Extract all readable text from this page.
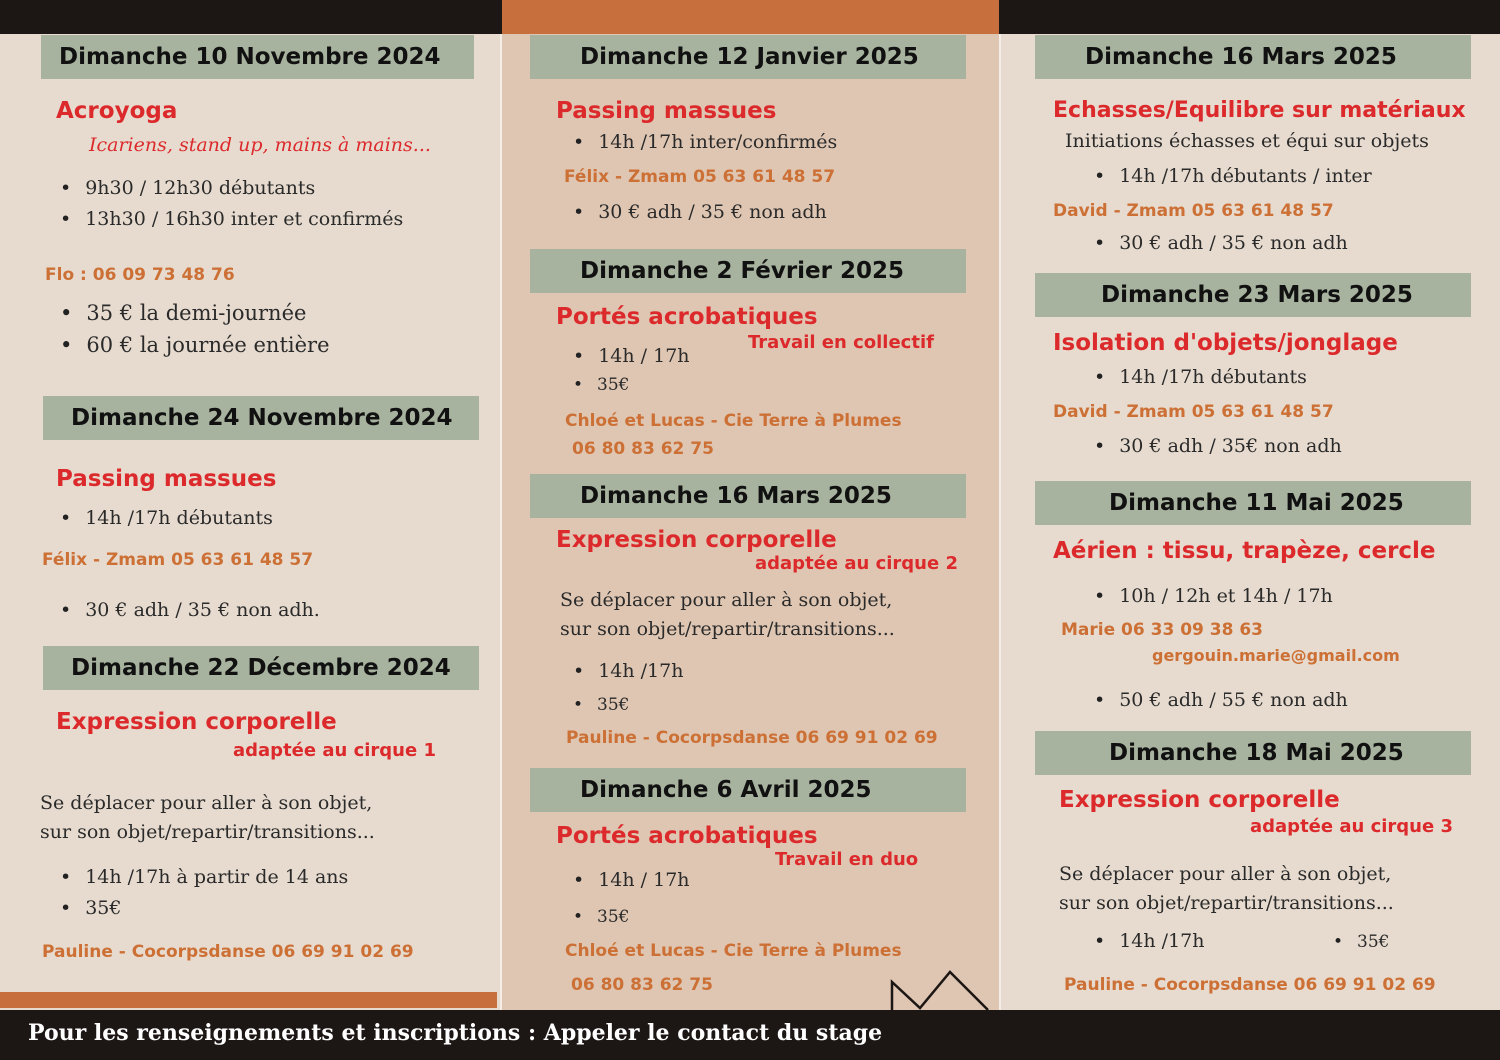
Pour les renseignements et inscriptions : Appeler le contact du stage
Dimanche 10 Novembre 2024
Acroyoga
Icariens, stand up, mains à mains...
• 9h30 / 12h30 débutants
• 13h30 / 16h30 inter et confirmés
Flo : 06 09 73 48 76
• 35 € la demi-journée
• 60 € la journée entière
Dimanche 24 Novembre 2024
Passing massues
• 14h /17h débutants
Félix - Zmam 05 63 61 48 57
• 30 € adh / 35 € non adh.
Dimanche 22 Décembre 2024
Expression corporelle
adaptée au cirque 1
Se déplacer pour aller à son objet,
sur son objet/repartir/transitions...
• 14h /17h à partir de 14 ans
• 35€
Pauline - Cocorpsdanse 06 69 91 02 69
Dimanche 12 Janvier 2025
Passing massues
• 14h /17h inter/confirmés
Félix - Zmam 05 63 61 48 57
• 30 € adh / 35 € non adh
Dimanche 2 Février 2025
Portés acrobatiques
Travail en collectif
• 14h / 17h
• 35€
Chloé et Lucas - Cie Terre à Plumes
06 80 83 62 75
Dimanche 16 Mars 2025
Expression corporelle
adaptée au cirque 2
Se déplacer pour aller à son objet,
sur son objet/repartir/transitions...
• 14h /17h
• 35€
Pauline - Cocorpsdanse 06 69 91 02 69
Dimanche 6 Avril 2025
Portés acrobatiques
Travail en duo
• 14h / 17h
• 35€
Chloé et Lucas - Cie Terre à Plumes
06 80 83 62 75
Dimanche 16 Mars 2025
Echasses/Equilibre sur matériaux
Initiations échasses et équi sur objets
• 14h /17h débutants / inter
David - Zmam 05 63 61 48 57
• 30 € adh / 35 € non adh
Dimanche 23 Mars 2025
Isolation d'objets/jonglage
• 14h /17h débutants
David - Zmam 05 63 61 48 57
• 30 € adh / 35€ non adh
Dimanche 11 Mai 2025
Aérien : tissu, trapèze, cercle
• 10h / 12h et 14h / 17h
Marie 06 33 09 38 63
gergouin.marie@gmail.com
• 50 € adh / 55 € non adh
Dimanche 18 Mai 2025
Expression corporelle
adaptée au cirque 3
Se déplacer pour aller à son objet,
sur son objet/repartir/transitions...
• 14h /17h
•	35€
Pauline - Cocorpsdanse 06 69 91 02 69
